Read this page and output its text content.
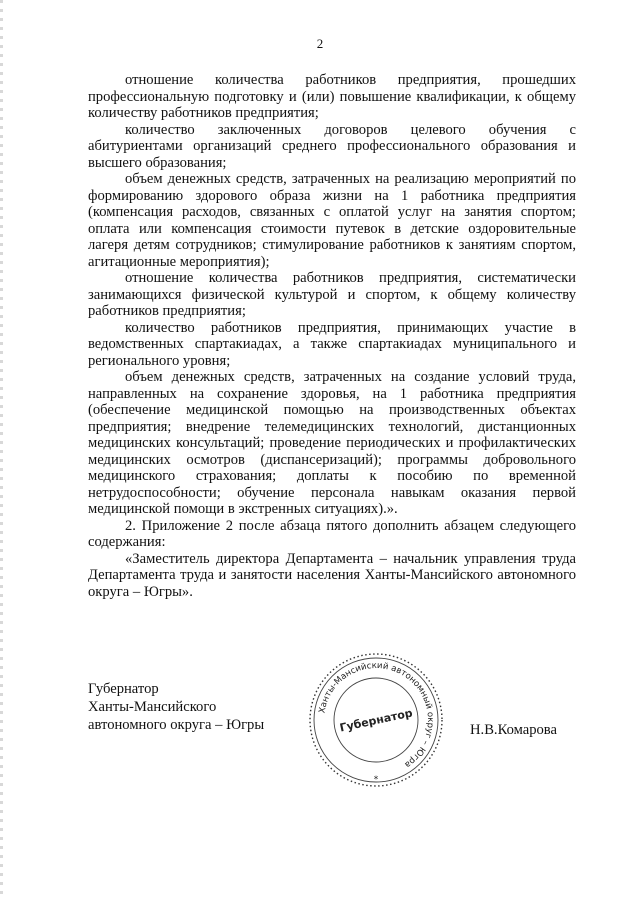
2

отношение количества работников предприятия, прошедших профессиональную подготовку и (или) повышение квалификации, к общему количеству работников предприятия;

количество заключенных договоров целевого обучения с абитуриентами организаций среднего профессионального образования и высшего образования;

объем денежных средств, затраченных на реализацию мероприятий по формированию здорового образа жизни на 1 работника предприятия (компенсация расходов, связанных с оплатой услуг на занятия спортом; оплата или компенсация стоимости путевок в детские оздоровительные лагеря детям сотрудников; стимулирование работников к занятиям спортом, агитационные мероприятия);

отношение количества работников предприятия, систематически занимающихся физической культурой и спортом, к общему количеству работников предприятия;

количество работников предприятия, принимающих участие в ведомственных спартакиадах, а также спартакиадах муниципального и регионального уровня;

объем денежных средств, затраченных на создание условий труда, направленных на сохранение здоровья, на 1 работника предприятия (обеспечение медицинской помощью на производственных объектах предприятия; внедрение телемедицинских технологий, дистанционных медицинских консультаций; проведение периодических и профилактических медицинских осмотров (диспансеризаций); программы добровольного медицинского страхования; доплаты к пособию по временной нетрудоспособности; обучение персонала навыкам оказания первой медицинской помощи в экстренных ситуациях).».

2. Приложение 2 после абзаца пятого дополнить абзацем следующего содержания:

«Заместитель директора Департамента – начальник управления труда Департамента труда и занятости населения Ханты-Мансийского автономного округа – Югры».

Губернатор
Ханты-Мансийского
автономного округа – Югры
Ханты-Мансийский автономный округ – Югра
Губернатор
*
Н.В.Комарова
